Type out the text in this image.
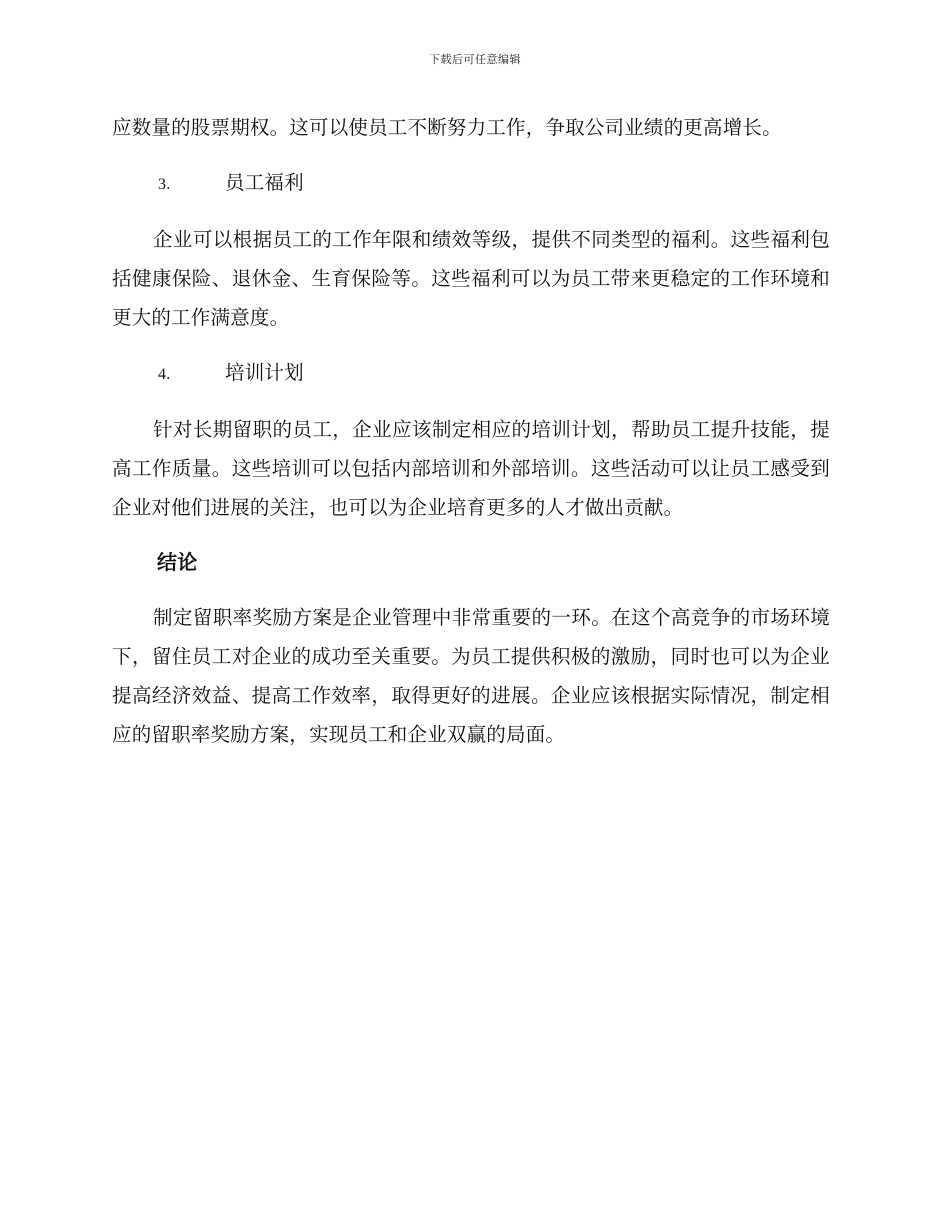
下载后可任意编辑

应数量的股票期权。这可以使员工不断努力工作，争取公司业绩的更高增长。

3.	员工福利

企业可以根据员工的工作年限和绩效等级，提供不同类型的福利。这些福利包括健康保险、退休金、生育保险等。这些福利可以为员工带来更稳定的工作环境和更大的工作满意度。

4.	培训计划

针对长期留职的员工，企业应该制定相应的培训计划，帮助员工提升技能，提高工作质量。这些培训可以包括内部培训和外部培训。这些活动可以让员工感受到企业对他们进展的关注，也可以为企业培育更多的人才做出贡献。

结论

制定留职率奖励方案是企业管理中非常重要的一环。在这个高竞争的市场环境下，留住员工对企业的成功至关重要。为员工提供积极的激励，同时也可以为企业提高经济效益、提高工作效率，取得更好的进展。企业应该根据实际情况，制定相应的留职率奖励方案，实现员工和企业双赢的局面。
